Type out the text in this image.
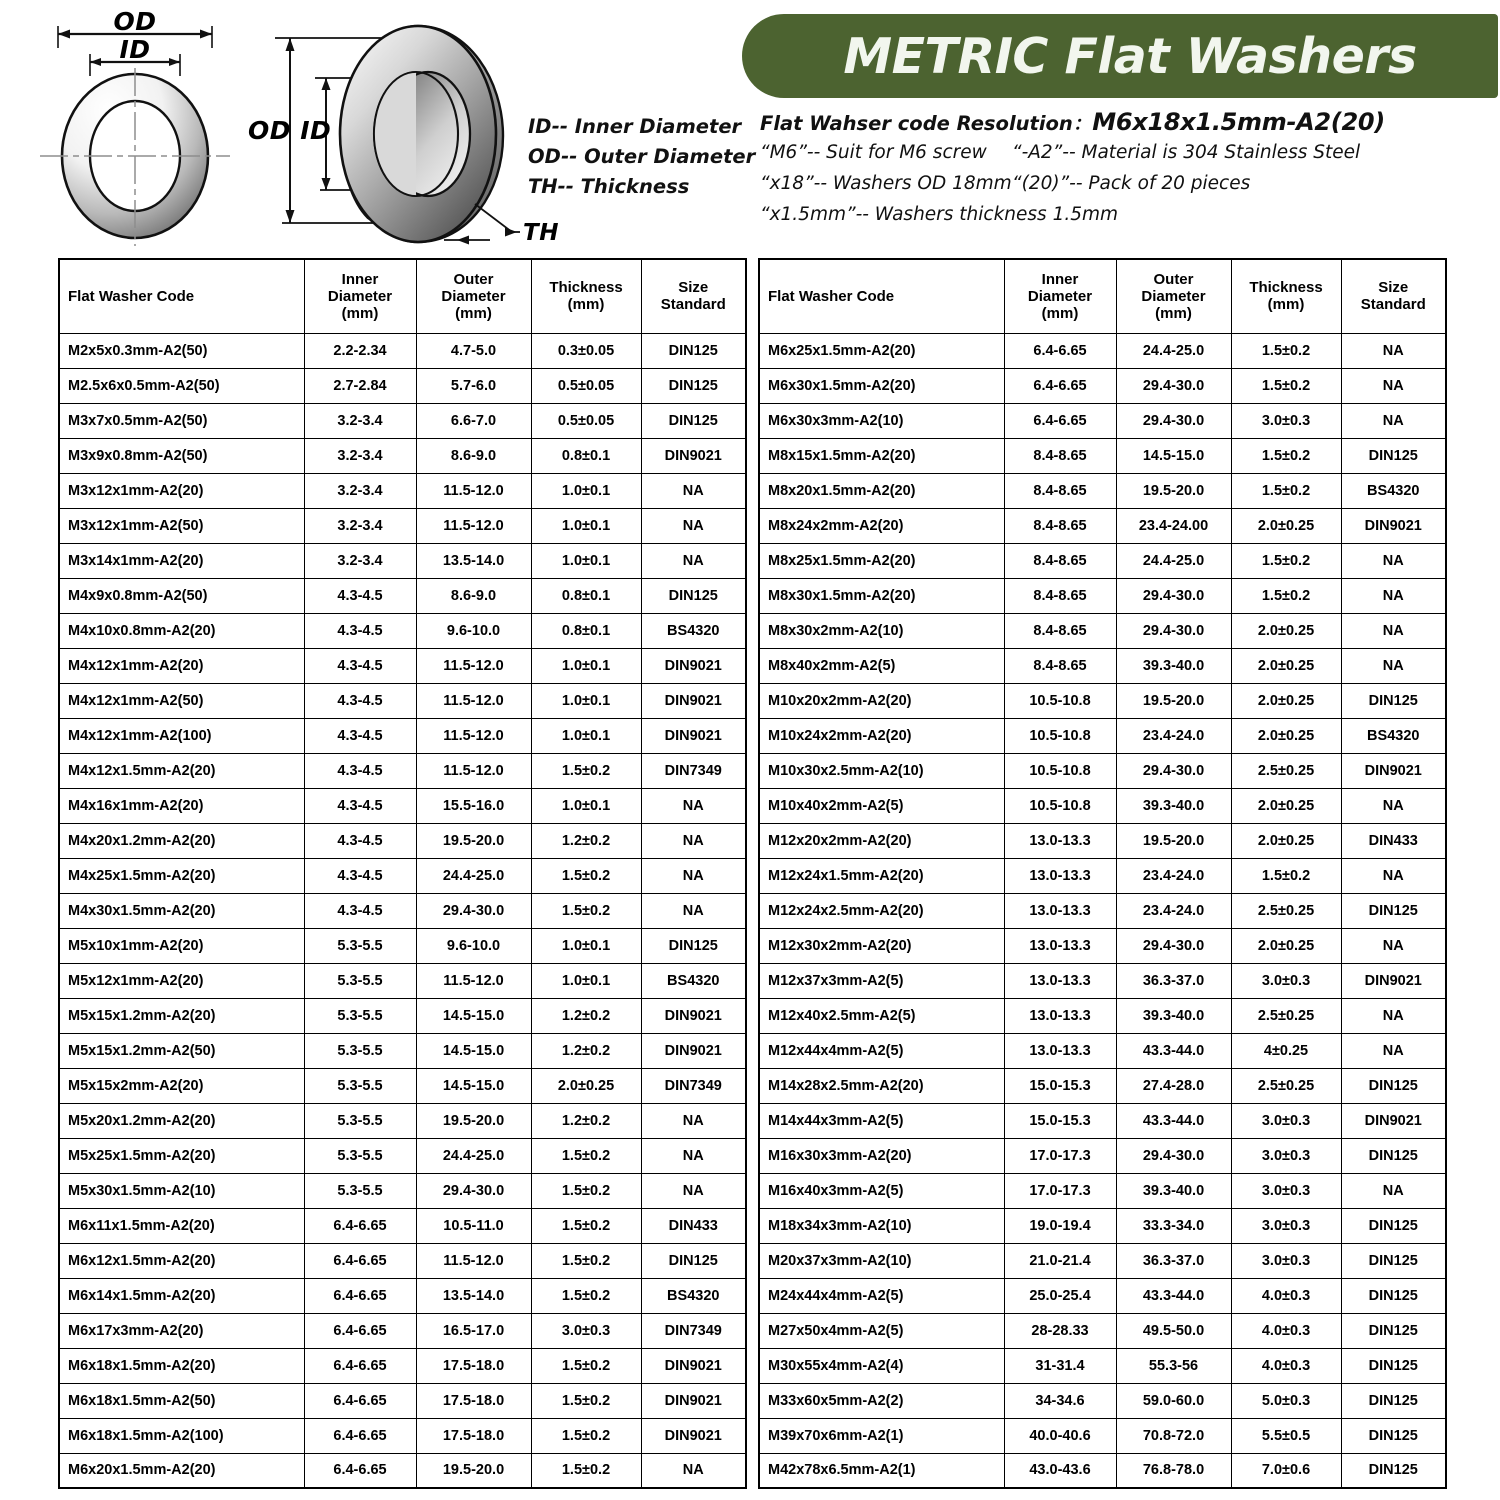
OD
ID
OD ID
TH
ID-- Inner Diameter
OD-- Outer Diameter
TH-- Thickness
METRIC Flat Washers
Flat Wahser code Resolution：M6x18x1.5mm-A2(20)
“M6”-- Suit for M6 screw “-A2”-- Material is 304 Stainless Steel
“x18”-- Washers OD 18mm “(20)”-- Pack of 20 pieces
“x1.5mm”-- Washers thickness 1.5mm
Flat Washer Code	Inner
Diameter
(mm)	Outer
Diameter
(mm)	Thickness
(mm)	Size
Standard
M2x5x0.3mm-A2(50)	2.2-2.34	4.7-5.0	0.3±0.05	DIN125
M2.5x6x0.5mm-A2(50)	2.7-2.84	5.7-6.0	0.5±0.05	DIN125
M3x7x0.5mm-A2(50)	3.2-3.4	6.6-7.0	0.5±0.05	DIN125
M3x9x0.8mm-A2(50)	3.2-3.4	8.6-9.0	0.8±0.1	DIN9021
M3x12x1mm-A2(20)	3.2-3.4	11.5-12.0	1.0±0.1	NA
M3x12x1mm-A2(50)	3.2-3.4	11.5-12.0	1.0±0.1	NA
M3x14x1mm-A2(20)	3.2-3.4	13.5-14.0	1.0±0.1	NA
M4x9x0.8mm-A2(50)	4.3-4.5	8.6-9.0	0.8±0.1	DIN125
M4x10x0.8mm-A2(20)	4.3-4.5	9.6-10.0	0.8±0.1	BS4320
M4x12x1mm-A2(20)	4.3-4.5	11.5-12.0	1.0±0.1	DIN9021
M4x12x1mm-A2(50)	4.3-4.5	11.5-12.0	1.0±0.1	DIN9021
M4x12x1mm-A2(100)	4.3-4.5	11.5-12.0	1.0±0.1	DIN9021
M4x12x1.5mm-A2(20)	4.3-4.5	11.5-12.0	1.5±0.2	DIN7349
M4x16x1mm-A2(20)	4.3-4.5	15.5-16.0	1.0±0.1	NA
M4x20x1.2mm-A2(20)	4.3-4.5	19.5-20.0	1.2±0.2	NA
M4x25x1.5mm-A2(20)	4.3-4.5	24.4-25.0	1.5±0.2	NA
M4x30x1.5mm-A2(20)	4.3-4.5	29.4-30.0	1.5±0.2	NA
M5x10x1mm-A2(20)	5.3-5.5	9.6-10.0	1.0±0.1	DIN125
M5x12x1mm-A2(20)	5.3-5.5	11.5-12.0	1.0±0.1	BS4320
M5x15x1.2mm-A2(20)	5.3-5.5	14.5-15.0	1.2±0.2	DIN9021
M5x15x1.2mm-A2(50)	5.3-5.5	14.5-15.0	1.2±0.2	DIN9021
M5x15x2mm-A2(20)	5.3-5.5	14.5-15.0	2.0±0.25	DIN7349
M5x20x1.2mm-A2(20)	5.3-5.5	19.5-20.0	1.2±0.2	NA
M5x25x1.5mm-A2(20)	5.3-5.5	24.4-25.0	1.5±0.2	NA
M5x30x1.5mm-A2(10)	5.3-5.5	29.4-30.0	1.5±0.2	NA
M6x11x1.5mm-A2(20)	6.4-6.65	10.5-11.0	1.5±0.2	DIN433
M6x12x1.5mm-A2(20)	6.4-6.65	11.5-12.0	1.5±0.2	DIN125
M6x14x1.5mm-A2(20)	6.4-6.65	13.5-14.0	1.5±0.2	BS4320
M6x17x3mm-A2(20)	6.4-6.65	16.5-17.0	3.0±0.3	DIN7349
M6x18x1.5mm-A2(20)	6.4-6.65	17.5-18.0	1.5±0.2	DIN9021
M6x18x1.5mm-A2(50)	6.4-6.65	17.5-18.0	1.5±0.2	DIN9021
M6x18x1.5mm-A2(100)	6.4-6.65	17.5-18.0	1.5±0.2	DIN9021
M6x20x1.5mm-A2(20)	6.4-6.65	19.5-20.0	1.5±0.2	NA
Flat Washer Code	Inner
Diameter
(mm)	Outer
Diameter
(mm)	Thickness
(mm)	Size
Standard
M6x25x1.5mm-A2(20)	6.4-6.65	24.4-25.0	1.5±0.2	NA
M6x30x1.5mm-A2(20)	6.4-6.65	29.4-30.0	1.5±0.2	NA
M6x30x3mm-A2(10)	6.4-6.65	29.4-30.0	3.0±0.3	NA
M8x15x1.5mm-A2(20)	8.4-8.65	14.5-15.0	1.5±0.2	DIN125
M8x20x1.5mm-A2(20)	8.4-8.65	19.5-20.0	1.5±0.2	BS4320
M8x24x2mm-A2(20)	8.4-8.65	23.4-24.00	2.0±0.25	DIN9021
M8x25x1.5mm-A2(20)	8.4-8.65	24.4-25.0	1.5±0.2	NA
M8x30x1.5mm-A2(20)	8.4-8.65	29.4-30.0	1.5±0.2	NA
M8x30x2mm-A2(10)	8.4-8.65	29.4-30.0	2.0±0.25	NA
M8x40x2mm-A2(5)	8.4-8.65	39.3-40.0	2.0±0.25	NA
M10x20x2mm-A2(20)	10.5-10.8	19.5-20.0	2.0±0.25	DIN125
M10x24x2mm-A2(20)	10.5-10.8	23.4-24.0	2.0±0.25	BS4320
M10x30x2.5mm-A2(10)	10.5-10.8	29.4-30.0	2.5±0.25	DIN9021
M10x40x2mm-A2(5)	10.5-10.8	39.3-40.0	2.0±0.25	NA
M12x20x2mm-A2(20)	13.0-13.3	19.5-20.0	2.0±0.25	DIN433
M12x24x1.5mm-A2(20)	13.0-13.3	23.4-24.0	1.5±0.2	NA
M12x24x2.5mm-A2(20)	13.0-13.3	23.4-24.0	2.5±0.25	DIN125
M12x30x2mm-A2(20)	13.0-13.3	29.4-30.0	2.0±0.25	NA
M12x37x3mm-A2(5)	13.0-13.3	36.3-37.0	3.0±0.3	DIN9021
M12x40x2.5mm-A2(5)	13.0-13.3	39.3-40.0	2.5±0.25	NA
M12x44x4mm-A2(5)	13.0-13.3	43.3-44.0	4±0.25	NA
M14x28x2.5mm-A2(20)	15.0-15.3	27.4-28.0	2.5±0.25	DIN125
M14x44x3mm-A2(5)	15.0-15.3	43.3-44.0	3.0±0.3	DIN9021
M16x30x3mm-A2(20)	17.0-17.3	29.4-30.0	3.0±0.3	DIN125
M16x40x3mm-A2(5)	17.0-17.3	39.3-40.0	3.0±0.3	NA
M18x34x3mm-A2(10)	19.0-19.4	33.3-34.0	3.0±0.3	DIN125
M20x37x3mm-A2(10)	21.0-21.4	36.3-37.0	3.0±0.3	DIN125
M24x44x4mm-A2(5)	25.0-25.4	43.3-44.0	4.0±0.3	DIN125
M27x50x4mm-A2(5)	28-28.33	49.5-50.0	4.0±0.3	DIN125
M30x55x4mm-A2(4)	31-31.4	55.3-56	4.0±0.3	DIN125
M33x60x5mm-A2(2)	34-34.6	59.0-60.0	5.0±0.3	DIN125
M39x70x6mm-A2(1)	40.0-40.6	70.8-72.0	5.5±0.5	DIN125
M42x78x6.5mm-A2(1)	43.0-43.6	76.8-78.0	7.0±0.6	DIN125
